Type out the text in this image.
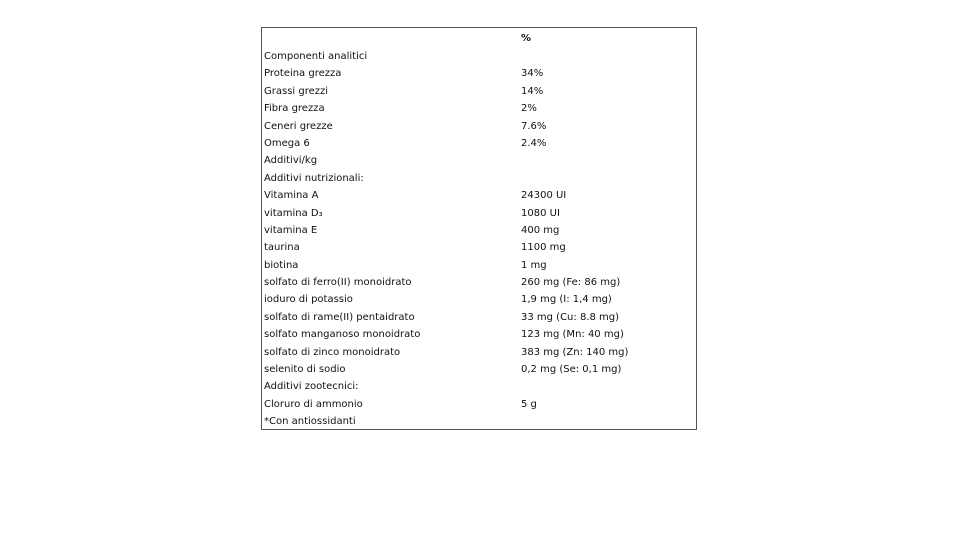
%
Componenti analitici
Proteina grezza	34%
Grassi grezzi	14%
Fibra grezza	2%
Ceneri grezze	7.6%
Omega 6	2.4%
Additivi/kg
Additivi nutrizionali:
Vitamina A	24300 UI
vitamina D₃	1080 UI
vitamina E	400 mg
taurina	1100 mg
biotina	1 mg
solfato di ferro(II) monoidrato	260 mg (Fe: 86 mg)
ioduro di potassio	1,9 mg (I: 1,4 mg)
solfato di rame(II) pentaidrato	33 mg (Cu: 8.8 mg)
solfato manganoso monoidrato	123 mg (Mn: 40 mg)
solfato di zinco monoidrato	383 mg (Zn: 140 mg)
selenito di sodio	0,2 mg (Se: 0,1 mg)
Additivi zootecnici:
Cloruro di ammonio	5 g
*Con antiossidanti
